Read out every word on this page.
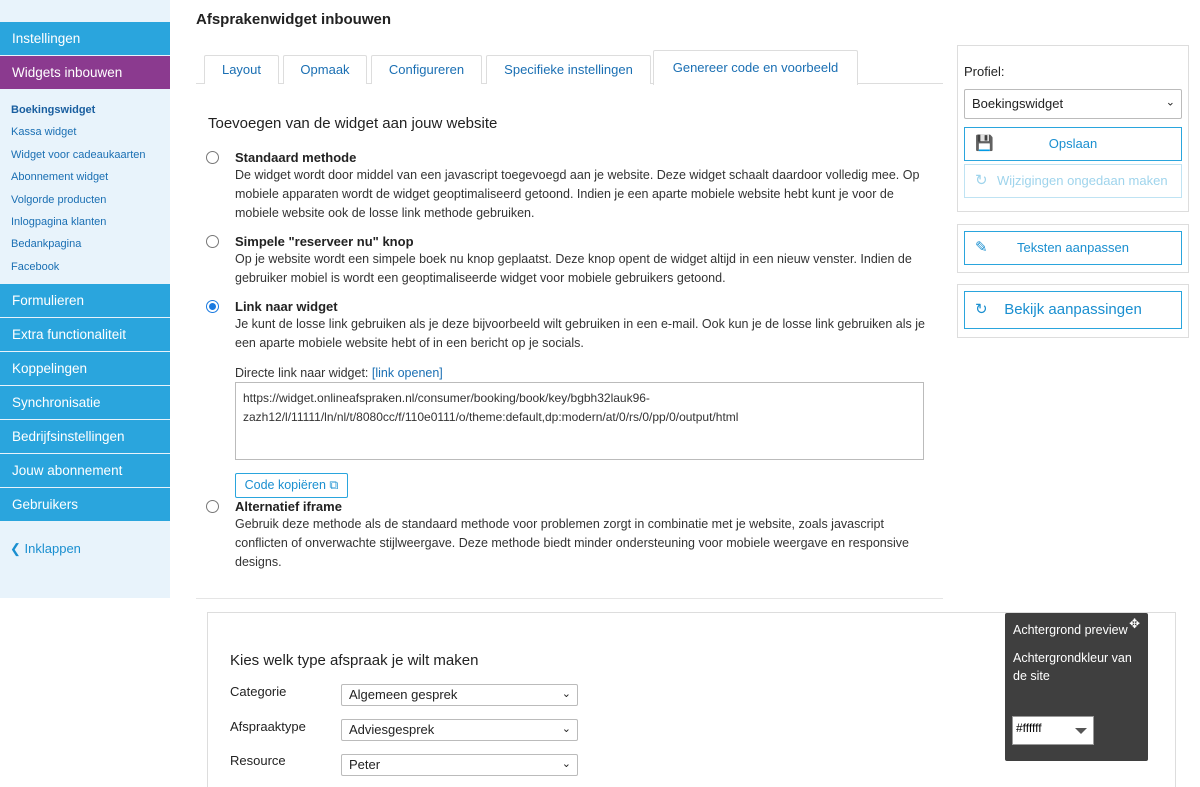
Instellingen
Widgets inbouwen
Boekingswidget
Kassa widget
Widget voor cadeaukaarten
Abonnement widget
Volgorde producten
Inlogpagina klanten
Bedankpagina
Facebook
Formulieren
Extra functionaliteit
Koppelingen
Synchronisatie
Bedrijfsinstellingen
Jouw abonnement
Gebruikers
❮ Inklappen
Afsprakenwidget inbouwen
Layout	Opmaak	Configureren	Specifieke instellingen	Genereer code en voorbeeld
Toevoegen van de widget aan jouw website
Standaard methode
De widget wordt door middel van een javascript toegevoegd aan je website. Deze widget schaalt daardoor volledig mee. Op mobiele apparaten wordt de widget geoptimaliseerd getoond. Indien je een aparte mobiele website hebt kunt je voor de mobiele website ook de losse link methode gebruiken.
Simpele "reserveer nu" knop
Op je website wordt een simpele boek nu knop geplaatst. Deze knop opent de widget altijd in een nieuw venster. Indien de gebruiker mobiel is wordt een geoptimaliseerde widget voor mobiele gebruikers getoond.
Link naar widget
Je kunt de losse link gebruiken als je deze bijvoorbeeld wilt gebruiken in een e-mail. Ook kun je de losse link gebruiken als je een aparte mobiele website hebt of in een bericht op je socials.
Directe link naar widget: [link openen]
https://widget.onlineafspraken.nl/consumer/booking/book/key/bgbh32lauk96-zazh12/l/11111/ln/nl/t/8080cc/f/110e0111/o/theme:default,dp:modern/at/0/rs/0/pp/0/output/html
Code kopiëren ⧉
Alternatief iframe
Gebruik deze methode als de standaard methode voor problemen zorgt in combinatie met je website, zoals javascript conflicten of onverwachte stijlweergave. Deze methode biedt minder ondersteuning voor mobiele weergave en responsive designs.
Profiel:
Boekingswidget	⌄
💾	Opslaan
↻ Wijzigingen ongedaan maken
✎ Teksten aanpassen
↻ Bekijk aanpassingen
Kies welk type afspraak je wilt maken
Categorie	Algemeen gesprek	⌄
Afspraaktype	Adviesgesprek	⌄
Resource	Peter	⌄
✥
Achtergrond preview
Achtergrondkleur van de site
#ffffff
